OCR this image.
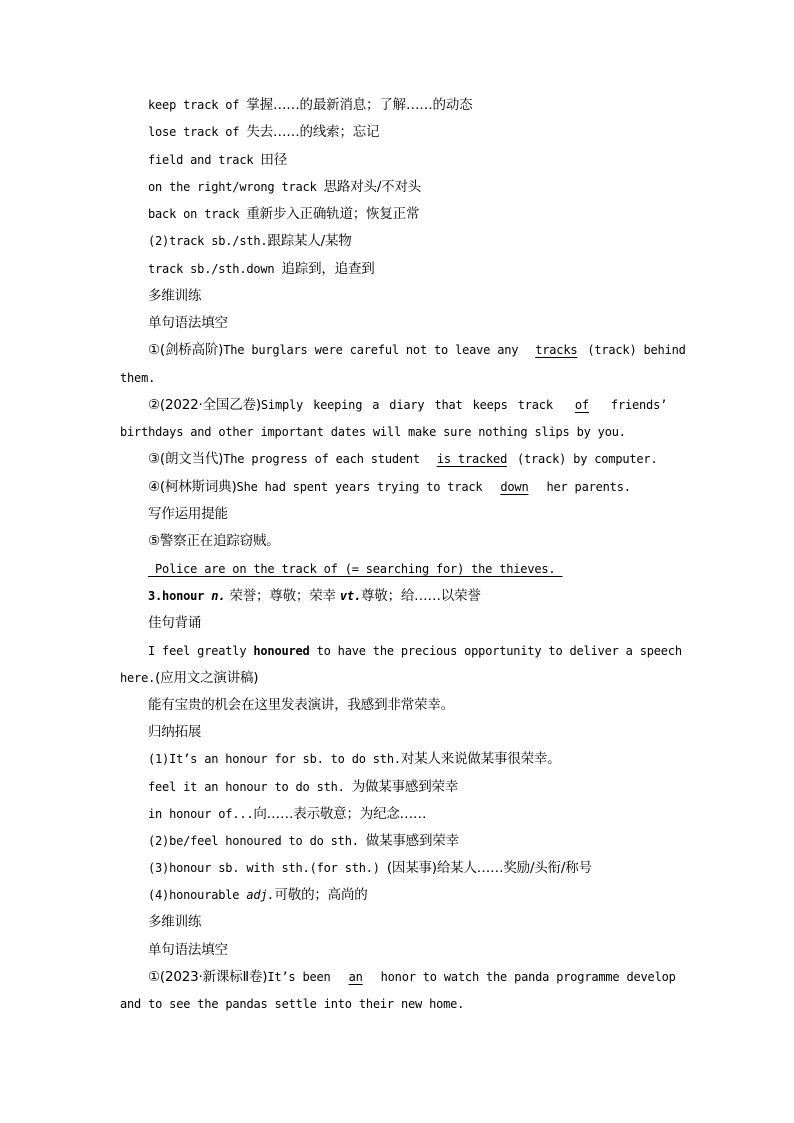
keep track of 掌握……的最新消息；了解……的动态
lose track of 失去……的线索；忘记
field and track 田径
on the right/wrong track 思路对头/不对头
back on track 重新步入正确轨道；恢复正常
(2)track sb./sth.跟踪某人/某物
track sb./sth.down 追踪到，追查到
多维训练
单句语法填空
①(剑桥高阶)The burglars were careful not to leave any tracks (track) behind
them.
②(2022·全国乙卷)Simply keeping a diary that keeps track of friends’
birthdays and other important dates will make sure nothing slips by you.
③(朗文当代)The progress of each student is tracked (track) by computer.
④(柯林斯词典)She had spent years trying to track down her parents.
写作运用提能
⑤警察正在追踪窃贼。
Police are on the track of (= searching for) the thieves.
3.honour n. 荣誉；尊敬；荣幸 vt.尊敬；给……以荣誉
佳句背诵
I feel greatly honoured to have the precious opportunity to deliver a speech
here.(应用文之演讲稿)
能有宝贵的机会在这里发表演讲，我感到非常荣幸。
归纳拓展
(1)It’s an honour for sb. to do sth.对某人来说做某事很荣幸。
feel it an honour to do sth. 为做某事感到荣幸
in honour of...向……表示敬意；为纪念……
(2)be/feel honoured to do sth. 做某事感到荣幸
(3)honour sb. with sth.(for sth.) (因某事)给某人……奖励/头衔/称号
(4)honourable adj.可敬的；高尚的
多维训练
单句语法填空
①(2023·新课标Ⅱ卷)It’s been an honor to watch the panda programme develop
and to see the pandas settle into their new home.
